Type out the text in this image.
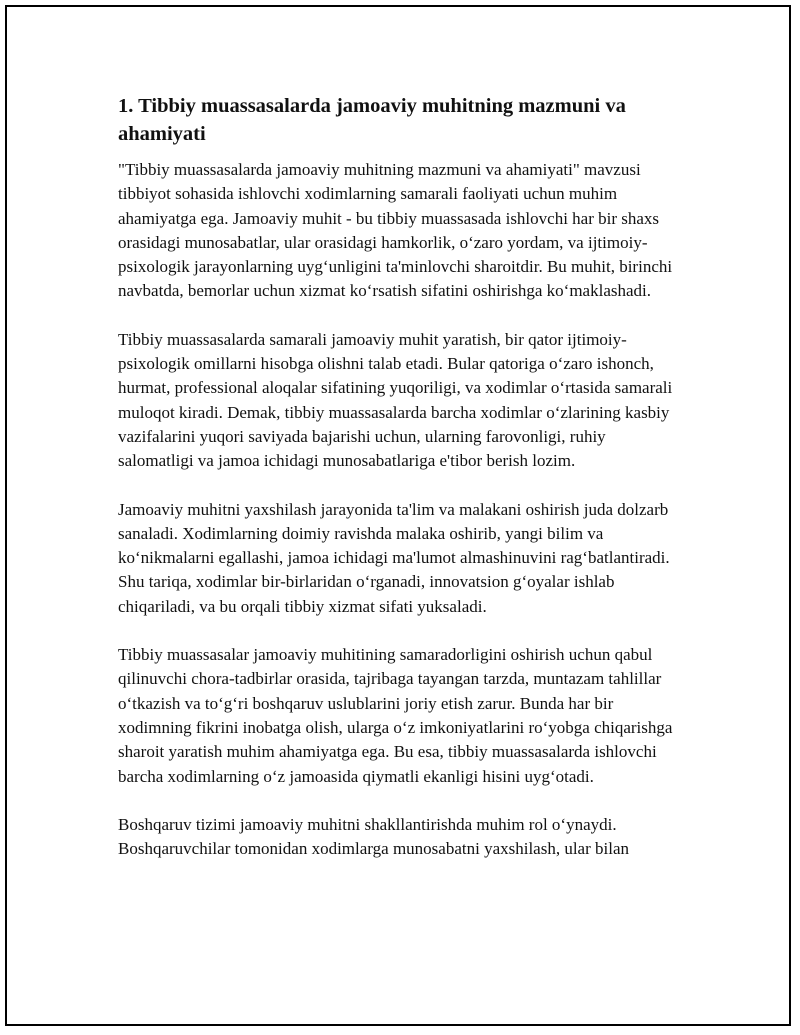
1. Tibbiy muassasalarda jamoaviy muhitning mazmuni va ahamiyati

"Tibbiy muassasalarda jamoaviy muhitning mazmuni va ahamiyati" mavzusi tibbiyot sohasida ishlovchi xodimlarning samarali faoliyati uchun muhim ahamiyatga ega. Jamoaviy muhit - bu tibbiy muassasada ishlovchi har bir shaxs orasidagi munosabatlar, ular orasidagi hamkorlik, o‘zaro yordam, va ijtimoiy-psixologik jarayonlarning uyg‘unligini ta'minlovchi sharoitdir. Bu muhit, birinchi navbatda, bemorlar uchun xizmat ko‘rsatish sifatini oshirishga ko‘maklashadi.

Tibbiy muassasalarda samarali jamoaviy muhit yaratish, bir qator ijtimoiy-psixologik omillarni hisobga olishni talab etadi. Bular qatoriga o‘zaro ishonch, hurmat, professional aloqalar sifatining yuqoriligi, va xodimlar o‘rtasida samarali muloqot kiradi. Demak, tibbiy muassasalarda barcha xodimlar o‘zlarining kasbiy vazifalarini yuqori saviyada bajarishi uchun, ularning farovonligi, ruhiy salomatligi va jamoa ichidagi munosabatlariga e'tibor berish lozim.

Jamoaviy muhitni yaxshilash jarayonida ta'lim va malakani oshirish juda dolzarb sanaladi. Xodimlarning doimiy ravishda malaka oshirib, yangi bilim va ko‘nikmalarni egallashi, jamoa ichidagi ma'lumot almashinuvini rag‘batlantiradi. Shu tariqa, xodimlar bir-birlaridan o‘rganadi, innovatsion g‘oyalar ishlab chiqariladi, va bu orqali tibbiy xizmat sifati yuksaladi.

Tibbiy muassasalar jamoaviy muhitining samaradorligini oshirish uchun qabul qilinuvchi chora-tadbirlar orasida, tajribaga tayangan tarzda, muntazam tahlillar o‘tkazish va to‘g‘ri boshqaruv uslublarini joriy etish zarur. Bunda har bir xodimning fikrini inobatga olish, ularga o‘z imkoniyatlarini ro‘yobga chiqarishga sharoit yaratish muhim ahamiyatga ega. Bu esa, tibbiy muassasalarda ishlovchi barcha xodimlarning o‘z jamoasida qiymatli ekanligi hisini uyg‘otadi.

Boshqaruv tizimi jamoaviy muhitni shakllantirishda muhim rol o‘ynaydi. Boshqaruvchilar tomonidan xodimlarga munosabatni yaxshilash, ular bilan
